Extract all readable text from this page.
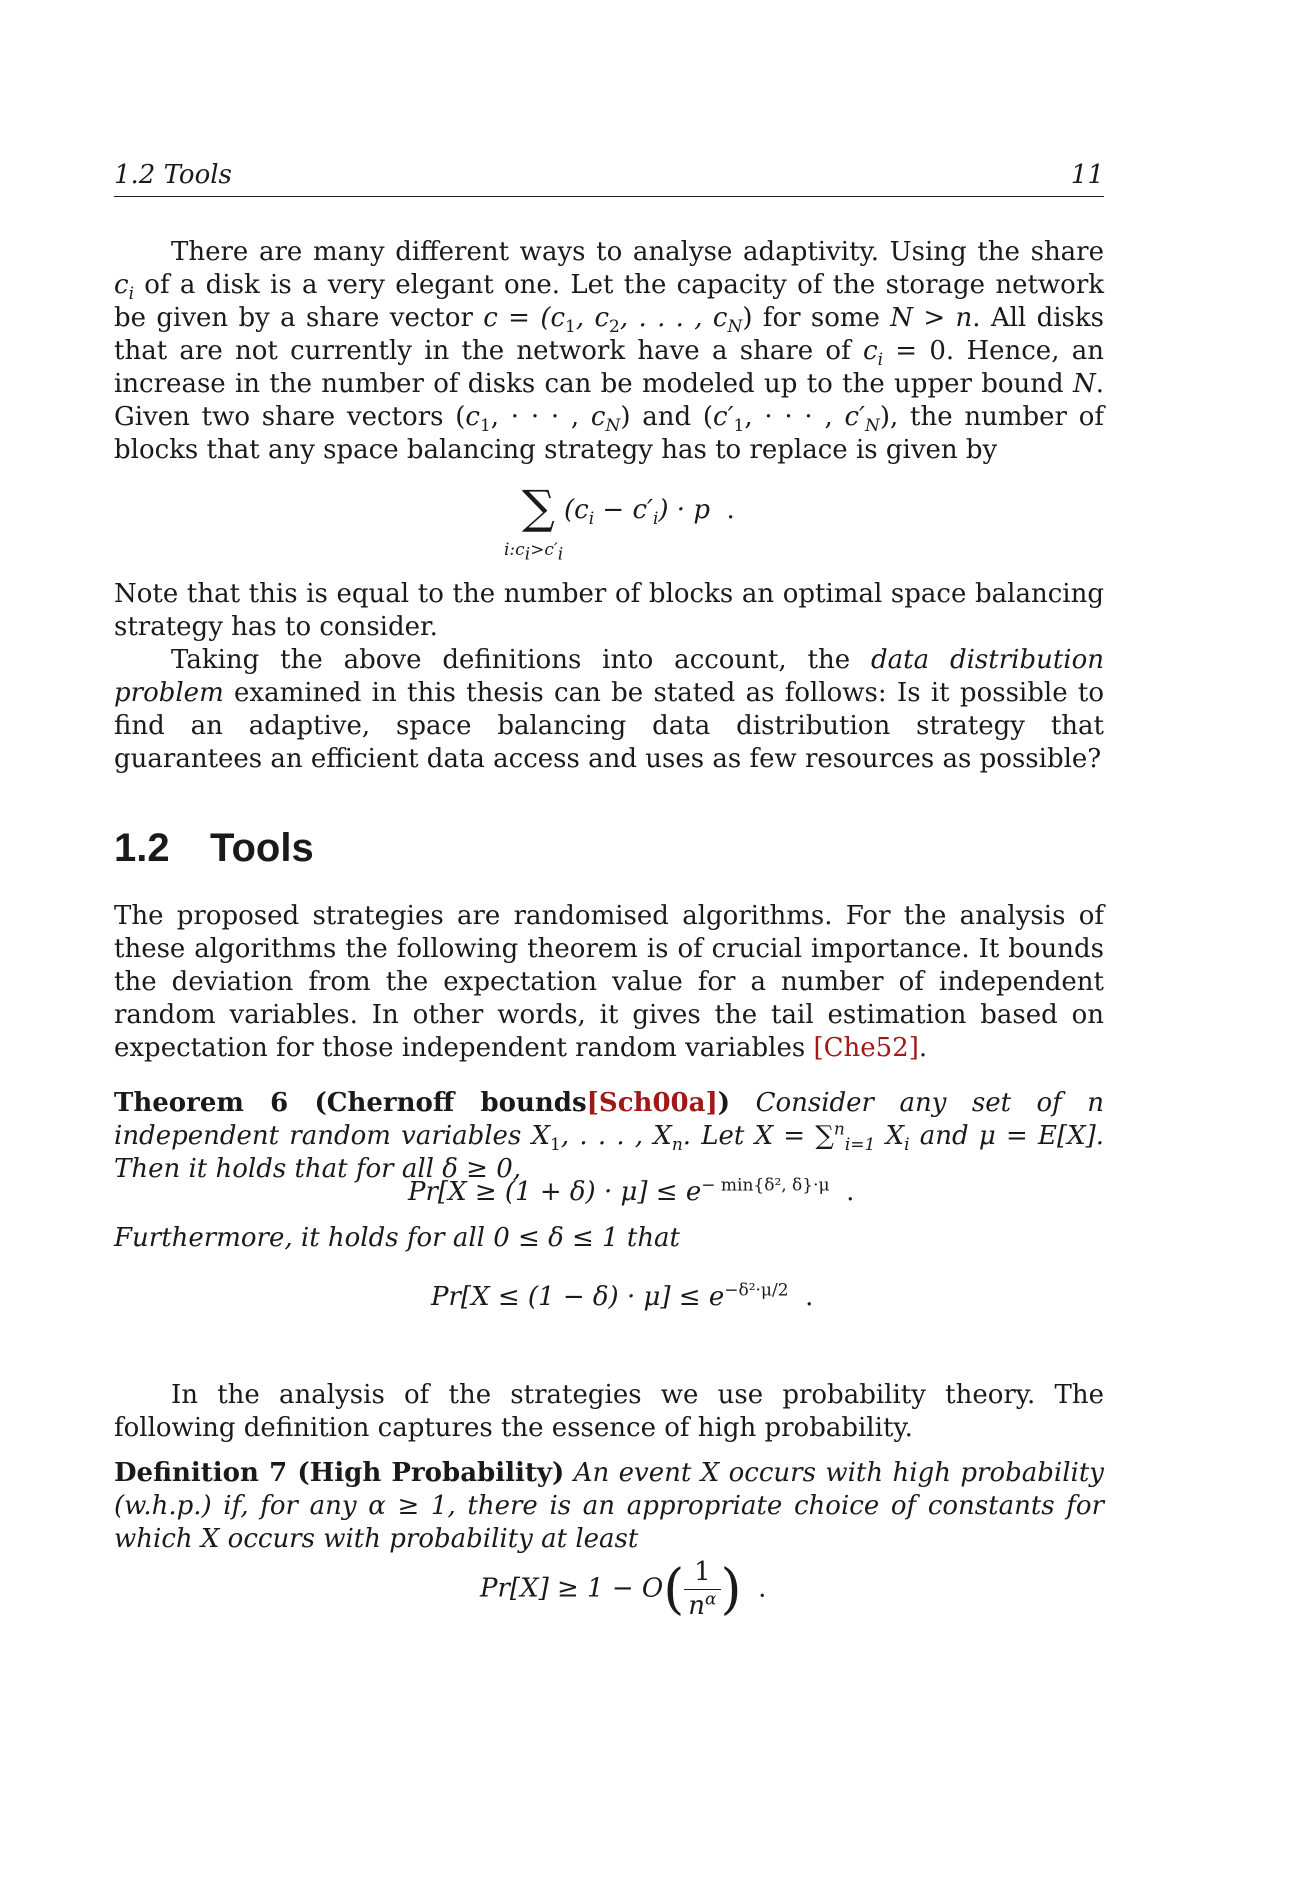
1.2 Tools	11

There are many different ways to analyse adaptivity. Using the share $c_i$ of a disk is a very elegant one. Let the capacity of the storage network be given by a share vector $c = (c_1$, $c_2$, . . . , $c_N$) for some N > n. All disks that are not currently in the network have a share of $c_i = 0$. Hence, an increase in the number of disks can be modeled up to the upper bound N. Given two share vectors ($c_1$, · · · , $c_N$) and ($c'_1$, · · · , $c'_N$), the number of blocks that any space balancing strategy has to replace is given by

∑
$i:c_i>c'_i$
$(c_i - c'_i) \cdot p$ .

Note that this is equal to the number of blocks an optimal space balancing strategy has to consider.

Taking the above definitions into account, the data distribution problem examined in this thesis can be stated as follows: Is it possible to find an adaptive, space balancing data distribution strategy that guarantees an efficient data access and uses as few resources as possible?

1.2 Tools

The proposed strategies are randomised algorithms. For the analysis of these algorithms the following theorem is of crucial importance. It bounds the deviation from the expectation value for a number of independent random variables. In other words, it gives the tail estimation based on expectation for those independent random variables [Che52].

Theorem 6 (Chernoff bounds[Sch00a]) Consider any set of n independent random variables $X_1$, . . . , $X_n$. Let X = ∑$^n_{i=1}$ $X_i$ and μ = E[X]. Then it holds that for all δ ≥ 0,

$Pr[X \ge (1 + \delta) \cdot \mu] \le e^{- min\{\delta^2, \delta\}\cdot\mu}$ .

Furthermore, it holds for all 0 ≤ δ ≤ 1 that

$Pr[X \le (1 - \delta) \cdot \mu] \le e^{-\delta^2\cdot\mu/2}$ .

In the analysis of the strategies we use probability theory. The following definition captures the essence of high probability.

Definition 7 (High Probability) An event X occurs with high probability (w.h.p.) if, for any α ≥ 1, there is an appropriate choice of constants for which X occurs with probability at least

$Pr[X] \ge 1 - O( \frac{1}{n^\alpha}$ ) .
